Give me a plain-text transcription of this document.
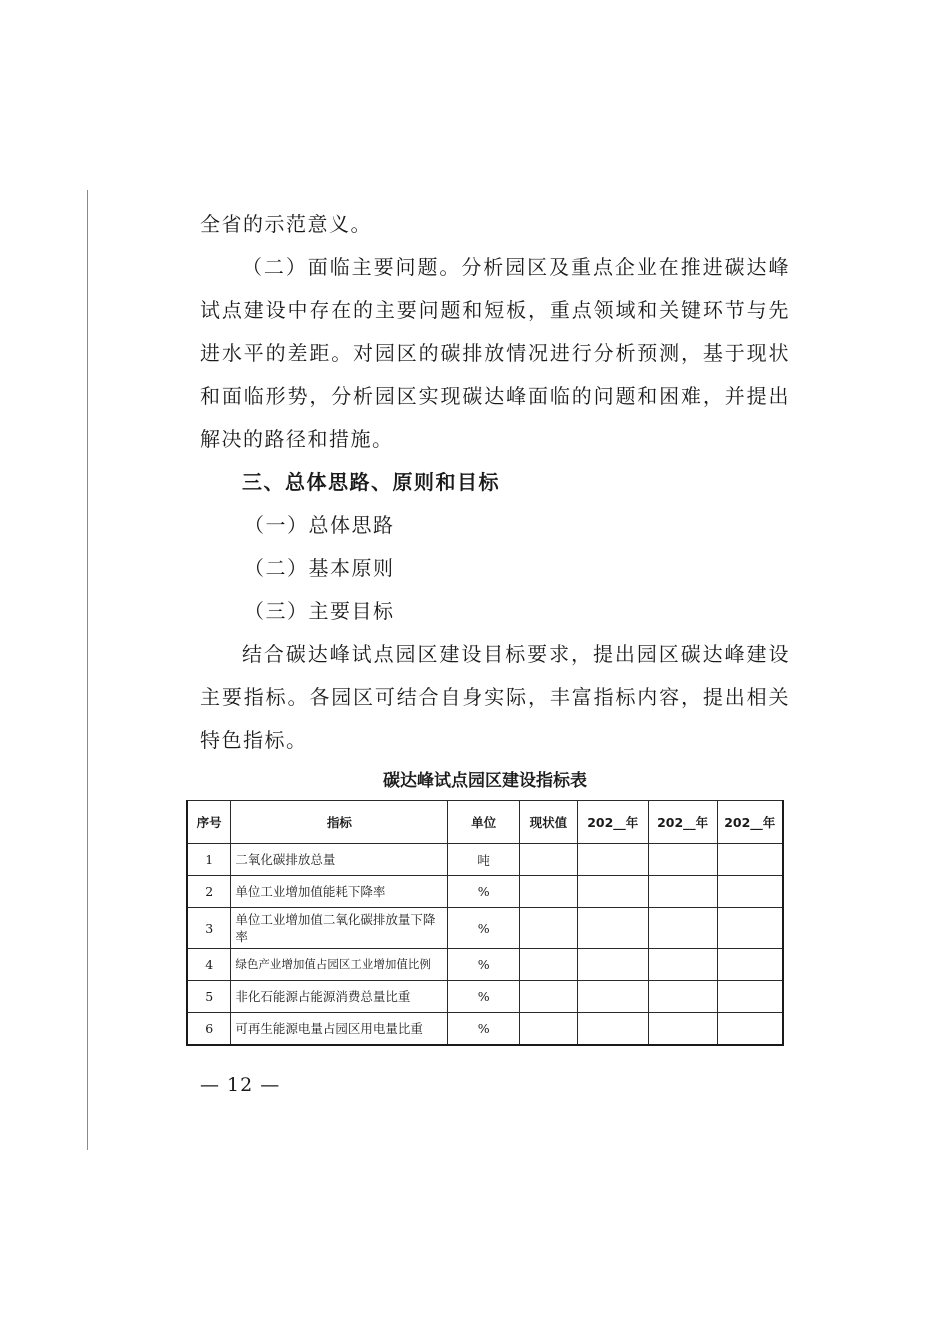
全省的示范意义。

（二）面临主要问题。分析园区及重点企业在推进碳达峰试点建设中存在的主要问题和短板，重点领域和关键环节与先进水平的差距。对园区的碳排放情况进行分析预测，基于现状和面临形势，分析园区实现碳达峰面临的问题和困难，并提出解决的路径和措施。

三、总体思路、原则和目标

（一）总体思路

（二）基本原则

（三）主要目标

结合碳达峰试点园区建设目标要求，提出园区碳达峰建设主要指标。各园区可结合自身实际，丰富指标内容，提出相关特色指标。

碳达峰试点园区建设指标表
序号	指标	单位	现状值	202__年	202__年	202__年
1	二氧化碳排放总量	吨				
2	单位工业增加值能耗下降率	%				
3	单位工业增加值二氧化碳排放量下降率	%				
4	绿色产业增加值占园区工业增加值比例	%				
5	非化石能源占能源消费总量比重	%				
6	可再生能源电量占园区用电量比重	%				
— 12 —
